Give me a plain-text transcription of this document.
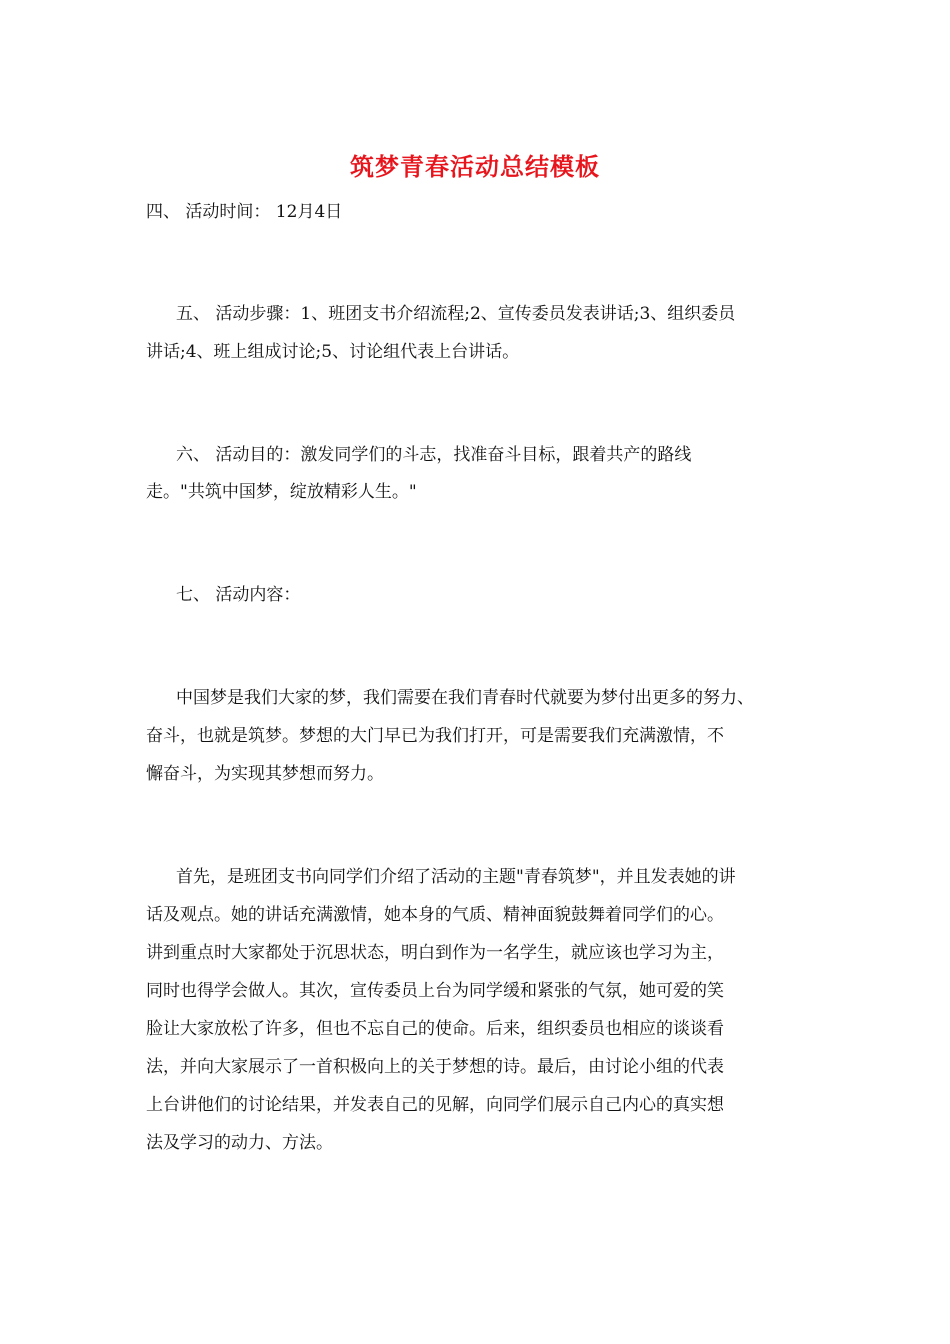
筑梦青春活动总结模板
四、 活动时间： 12月4日
五、 活动步骤：1、班团支书介绍流程;2、宣传委员发表讲话;3、组织委员
讲话;4、班上组成讨论;5、讨论组代表上台讲话。
六、 活动目的：激发同学们的斗志，找准奋斗目标，跟着共产的路线
走。"共筑中国梦，绽放精彩人生。"
七、 活动内容：
中国梦是我们大家的梦，我们需要在我们青春时代就要为梦付出更多的努力、
奋斗，也就是筑梦。梦想的大门早已为我们打开，可是需要我们充满激情，不
懈奋斗，为实现其梦想而努力。
首先，是班团支书向同学们介绍了活动的主题"青春筑梦"，并且发表她的讲
话及观点。她的讲话充满激情，她本身的气质、精神面貌鼓舞着同学们的心。
讲到重点时大家都处于沉思状态，明白到作为一名学生，就应该也学习为主，
同时也得学会做人。其次，宣传委员上台为同学缓和紧张的气氛，她可爱的笑
脸让大家放松了许多，但也不忘自己的使命。后来，组织委员也相应的谈谈看
法，并向大家展示了一首积极向上的关于梦想的诗。最后，由讨论小组的代表
上台讲他们的讨论结果，并发表自己的见解，向同学们展示自己内心的真实想
法及学习的动力、方法。
